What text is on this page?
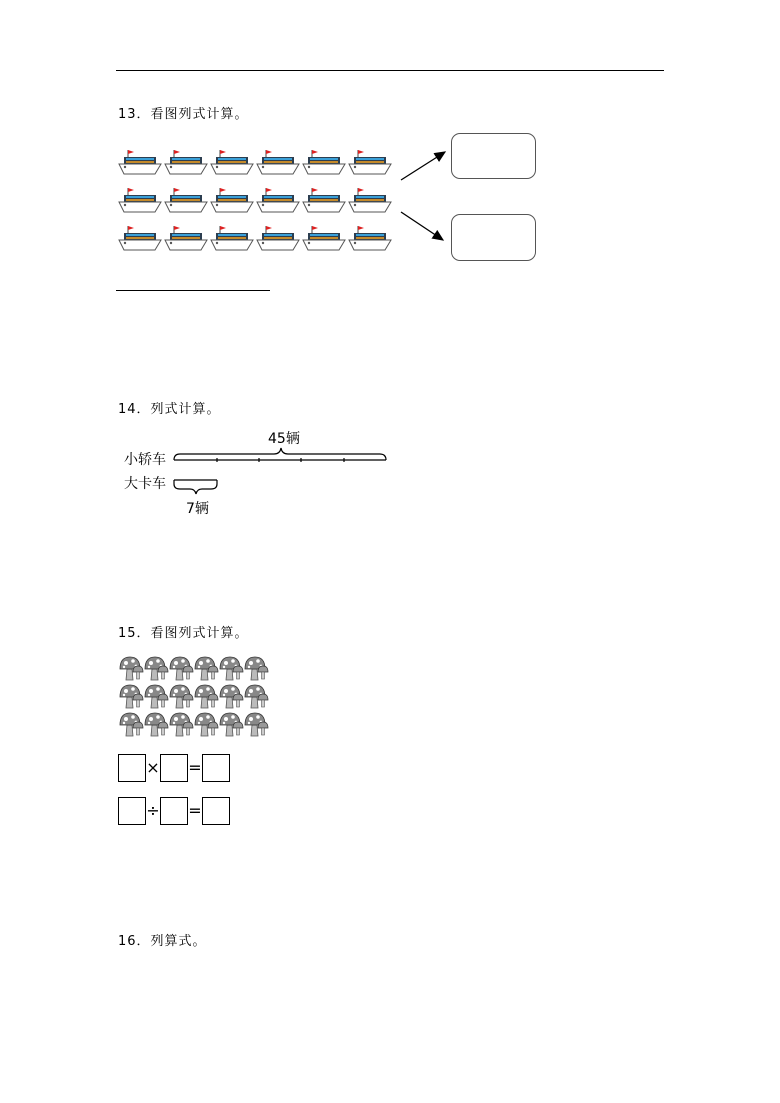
13．看图列式计算。
14．列式计算。
45辆
小轿车
大卡车
7辆
15．看图列式计算。
× =
÷ =
16．列算式。
